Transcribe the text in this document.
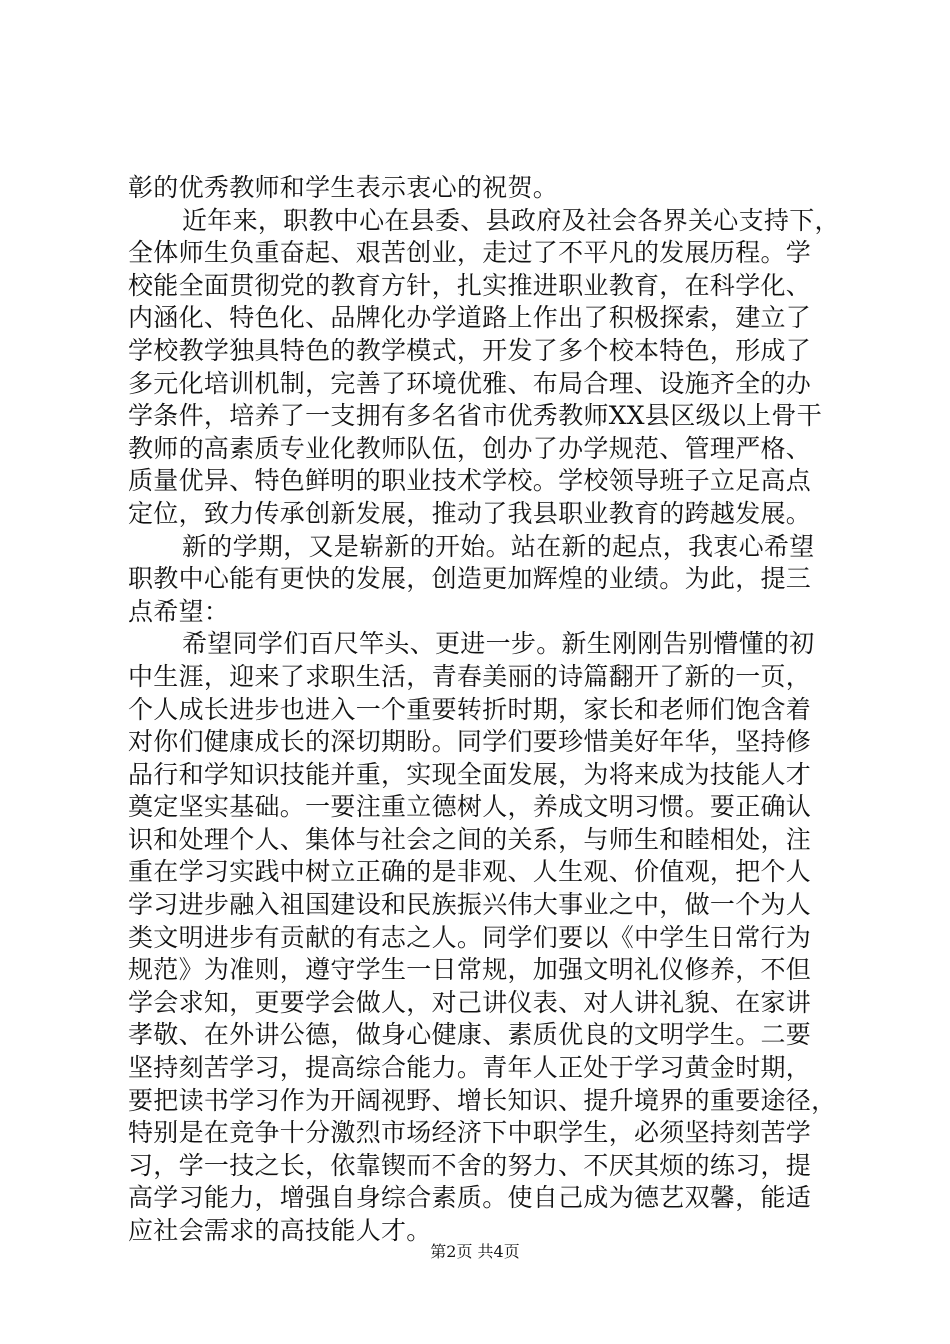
彰的优秀教师和学生表示衷心的祝贺。
近年来，职教中心在县委、县政府及社会各界关心支持下，
全体师生负重奋起、艰苦创业，走过了不平凡的发展历程。学
校能全面贯彻党的教育方针，扎实推进职业教育，在科学化、
内涵化、特色化、品牌化办学道路上作出了积极探索，建立了
学校教学独具特色的教学模式，开发了多个校本特色，形成了
多元化培训机制，完善了环境优雅、布局合理、设施齐全的办
学条件，培养了一支拥有多名省市优秀教师XX县区级以上骨干
教师的高素质专业化教师队伍，创办了办学规范、管理严格、
质量优异、特色鲜明的职业技术学校。学校领导班子立足高点
定位，致力传承创新发展，推动了我县职业教育的跨越发展。
新的学期，又是崭新的开始。站在新的起点，我衷心希望
职教中心能有更快的发展，创造更加辉煌的业绩。为此，提三
点希望：
希望同学们百尺竿头、更进一步。新生刚刚告别懵懂的初
中生涯，迎来了求职生活，青春美丽的诗篇翻开了新的一页，
个人成长进步也进入一个重要转折时期，家长和老师们饱含着
对你们健康成长的深切期盼。同学们要珍惜美好年华，坚持修
品行和学知识技能并重，实现全面发展，为将来成为技能人才
奠定坚实基础。一要注重立德树人，养成文明习惯。要正确认
识和处理个人、集体与社会之间的关系，与师生和睦相处，注
重在学习实践中树立正确的是非观、人生观、价值观，把个人
学习进步融入祖国建设和民族振兴伟大事业之中，做一个为人
类文明进步有贡献的有志之人。同学们要以《中学生日常行为
规范》为准则，遵守学生一日常规，加强文明礼仪修养，不但
学会求知，更要学会做人，对己讲仪表、对人讲礼貌、在家讲
孝敬、在外讲公德，做身心健康、素质优良的文明学生。二要
坚持刻苦学习，提高综合能力。青年人正处于学习黄金时期，
要把读书学习作为开阔视野、增长知识、提升境界的重要途径，
特别是在竞争十分激烈市场经济下中职学生，必须坚持刻苦学
习，学一技之长，依靠锲而不舍的努力、不厌其烦的练习，提
高学习能力，增强自身综合素质。使自己成为德艺双馨，能适
应社会需求的高技能人才。
第2页 共4页
